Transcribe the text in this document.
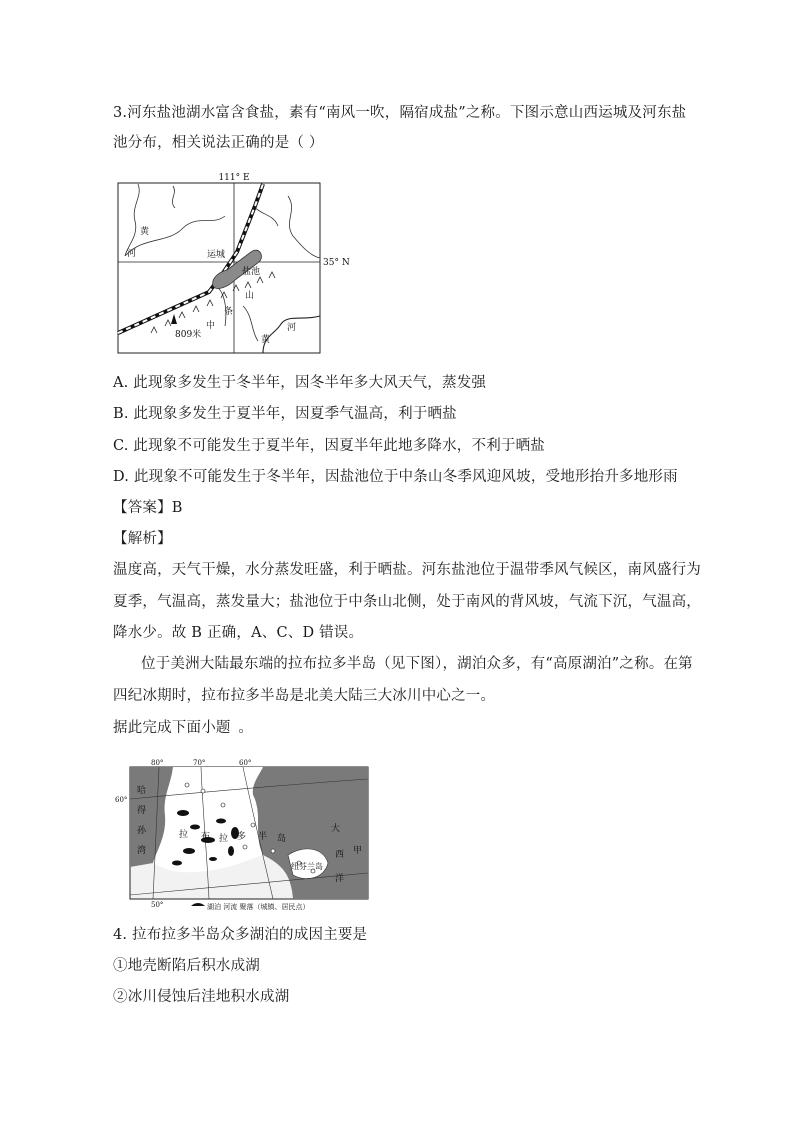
3.河东盐池湖水富含食盐，素有“南风一吹，隔宿成盐”之称。下图示意山西运城及河东盐
池分布，相关说法正确的是（ ）
111° E
35° N
黄
河	运城
盐池
山
中
条
809米	黄
河
A. 此现象多发生于冬半年，因冬半年多大风天气，蒸发强
B. 此现象多发生于夏半年，因夏季气温高，利于晒盐
C. 此现象不可能发生于夏半年，因夏半年此地多降水，不利于晒盐
D. 此现象不可能发生于冬半年，因盐池位于中条山冬季风迎风坡，受地形抬升多地形雨
【答案】B
【解析】
温度高，天气干燥，水分蒸发旺盛，利于晒盐。河东盐池位于温带季风气候区，南风盛行为
夏季，气温高，蒸发量大；盐池位于中条山北侧，处于南风的背风坡，气流下沉，气温高，
降水少。故 B 正确，A、C、D 错误。
位于美洲大陆最东端的拉布拉多半岛（见下图），湖泊众多，有“高原湖泊”之称。在第
四纪冰期时，拉布拉多半岛是北美大陆三大冰川中心之一。
据此完成下面小题 。
80°	70°	60°
60°
50°
哈
得
孙
湾
大
西
洋
甲
拉 布 拉 多 半 岛
纽芬兰岛
湖泊 河流 聚落（城镇、居民点）
4. 拉布拉多半岛众多湖泊的成因主要是
①地壳断陷后积水成湖
②冰川侵蚀后洼地积水成湖
